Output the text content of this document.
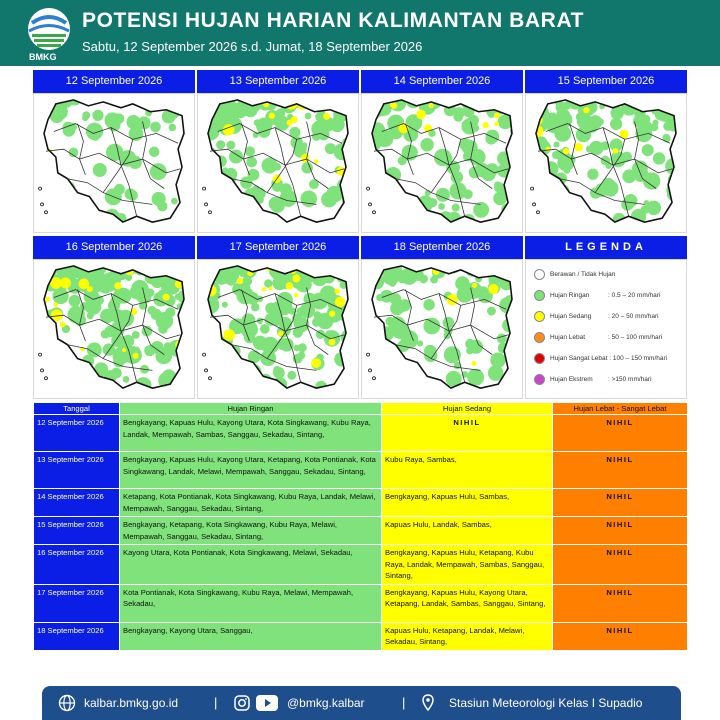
BMKG
POTENSI HUJAN HARIAN KALIMANTAN BARAT
Sabtu, 12 September 2026 s.d. Jumat, 18 September 2026
12 September 2026	13 September 2026	14 September 2026	15 September 2026
16 September 2026	17 September 2026	18 September 2026	LEGENDA
Berawan / Tidak Hujan
Hujan Ringan	: 0.5 – 20 mm/hari
Hujan Sedang	: 20 – 50 mm/hari
Hujan Lebat	: 50 – 100 mm/hari
Hujan Sangat Lebat : 100 – 150 mm/hari
Hujan Ekstrem : >150 mm/hari
Tanggal	Hujan Ringan	Hujan Sedang	Hujan Lebat - Sangat Lebat
12 September 2026	Bengkayang, Kapuas Hulu, Kayong Utara, Kota Singkawang, Kubu Raya, Landak, Mempawah, Sambas, Sanggau, Sekadau, Sintang,	NIHIL	NIHIL

13 September 2026	Bengkayang, Kapuas Hulu, Kayong Utara, Ketapang, Kota Pontianak, Kota Singkawang, Landak, Melawi, Mempawah, Sanggau, Sekadau, Sintang,	Kubu Raya, Sambas,	NIHIL

14 September 2026	Ketapang, Kota Pontianak, Kota Singkawang, Kubu Raya, Landak, Melawi, Mempawah, Sanggau, Sekadau, Sintang,	Bengkayang, Kapuas Hulu, Sambas,	NIHIL

15 September 2026	Bengkayang, Ketapang, Kota Singkawang, Kubu Raya, Melawi, Mempawah, Sanggau, Sekadau, Sintang,	Kapuas Hulu, Landak, Sambas,	NIHIL

16 September 2026	Kayong Utara, Kota Pontianak, Kota Singkawang, Melawi, Sekadau,	Bengkayang, Kapuas Hulu, Ketapang, Kubu Raya, Landak, Mempawah, Sambas, Sanggau, Sintang,	NIHIL

17 September 2026	Kota Pontianak, Kota Singkawang, Kubu Raya, Melawi, Mempawah, Sekadau,	Bengkayang, Kapuas Hulu, Kayong Utara, Ketapang, Landak, Sambas, Sanggau, Sintang,	NIHIL

18 September 2026	Bengkayang, Kayong Utara, Sanggau,	Kapuas Hulu, Ketapang, Landak, Melawi, Sekadau, Sintang,	NIHIL
kalbar.bmkg.go.id	|	@bmkg.kalbar	|	Stasiun Meteorologi Kelas I Supadio
